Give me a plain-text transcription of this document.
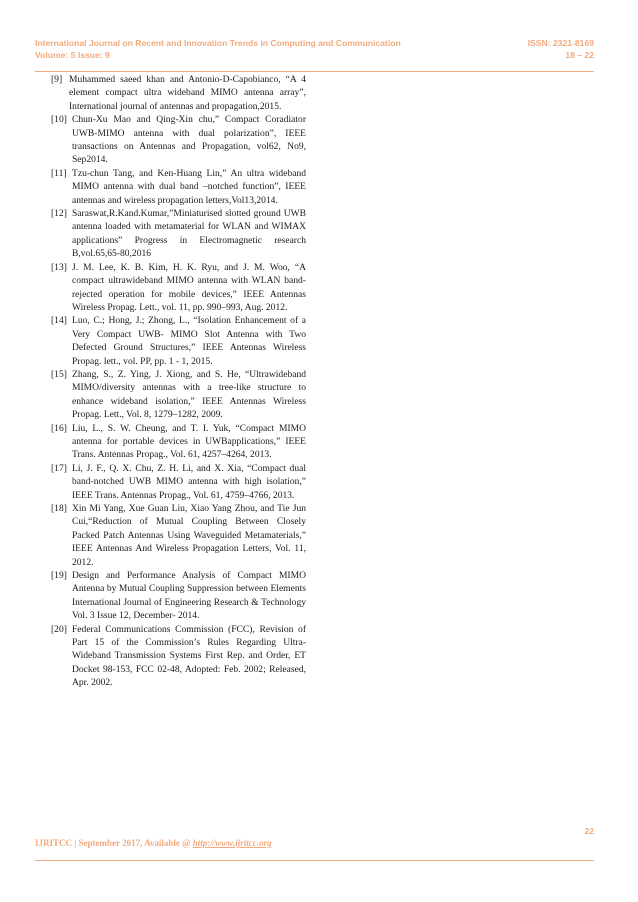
International Journal on Recent and Innovation Trends in Computing and Communication
Volume: 5 Issue: 9
ISSN: 2321-8169
18 – 22
[9] Muhammed saeed khan and Antonio-D-Capobianco, “A 4 element compact ultra wideband MIMO antenna array”, International journal of antennas and propagation,2015.
[10] Chun-Xu Mao and Qing-Xin chu,” Compact Coradiator UWB-MIMO antenna with dual polarization”, IEEE transactions on Antennas and Propagation, vol62, No9, Sep2014.
[11] Tzu-chun Tang, and Ken-Huang Lin,” An ultra wideband MIMO antenna with dual band –notched function”, IEEE antennas and wireless propagation letters,Vol13,2014.
[12] Saraswat,R.Kand.Kumar,”Miniaturised slotted ground UWB antenna loaded with metamaterial for WLAN and WIMAX applications” Progress in Electromagnetic research B,vol.65,65-80,2016
[13] J. M. Lee, K. B. Kim, H. K. Ryu, and J. M. Woo, “A compact ultrawideband MIMO antenna with WLAN band-rejected operation for mobile devices,” IEEE Antennas Wireless Propag. Lett., vol. 11, pp. 990–993, Aug. 2012.
[14] Luo, C.; Hong, J.; Zhong, L., “Isolation Enhancement of a Very Compact UWB- MIMO Slot Antenna with Two Defected Ground Structures,” IEEE Antennas Wireless Propag. lett., vol. PP, pp. 1 - 1, 2015.
[15] Zhang, S., Z. Ying, J. Xiong, and S. He, “Ultrawideband MIMO/diversity antennas with a tree-like structure to enhance wideband isolation,” IEEE Antennas Wireless Propag. Lett., Vol. 8, 1279–1282, 2009.
[16] Liu, L., S. W. Cheung, and T. I. Yuk, “Compact MIMO antenna for portable devices in UWBapplications,” IEEE Trans. Antennas Propag., Vol. 61, 4257–4264, 2013.
[17] Li, J. F., Q. X. Chu, Z. H. Li, and X. Xia, “Compact dual band-notched UWB MIMO antenna with high isolation,” IEEE Trans. Antennas Propag., Vol. 61, 4759–4766, 2013.
[18] Xin Mi Yang, Xue Guan Liu, Xiao Yang Zhou, and Tie Jun Cui,“Reduction of Mutual Coupling Between Closely Packed Patch Antennas Using Waveguided Metamaterials,” IEEE Antennas And Wireless Propagation Letters, Vol. 11, 2012.
[19] Design and Performance Analysis of Compact MIMO Antenna by Mutual Coupling Suppression between Elements International Journal of Engineering Research & Technology Vol. 3 Issue 12, December- 2014.
[20] Federal Communications Commission (FCC), Revision of Part 15 of the Commission’s Rules Regarding Ultra-Wideband Transmission Systems First Rep. and Order, ET Docket 98-153, FCC 02-48, Adopted: Feb. 2002; Released, Apr. 2002.
22
IJRITCC | September 2017, Available @ http://www.ijritcc.org
